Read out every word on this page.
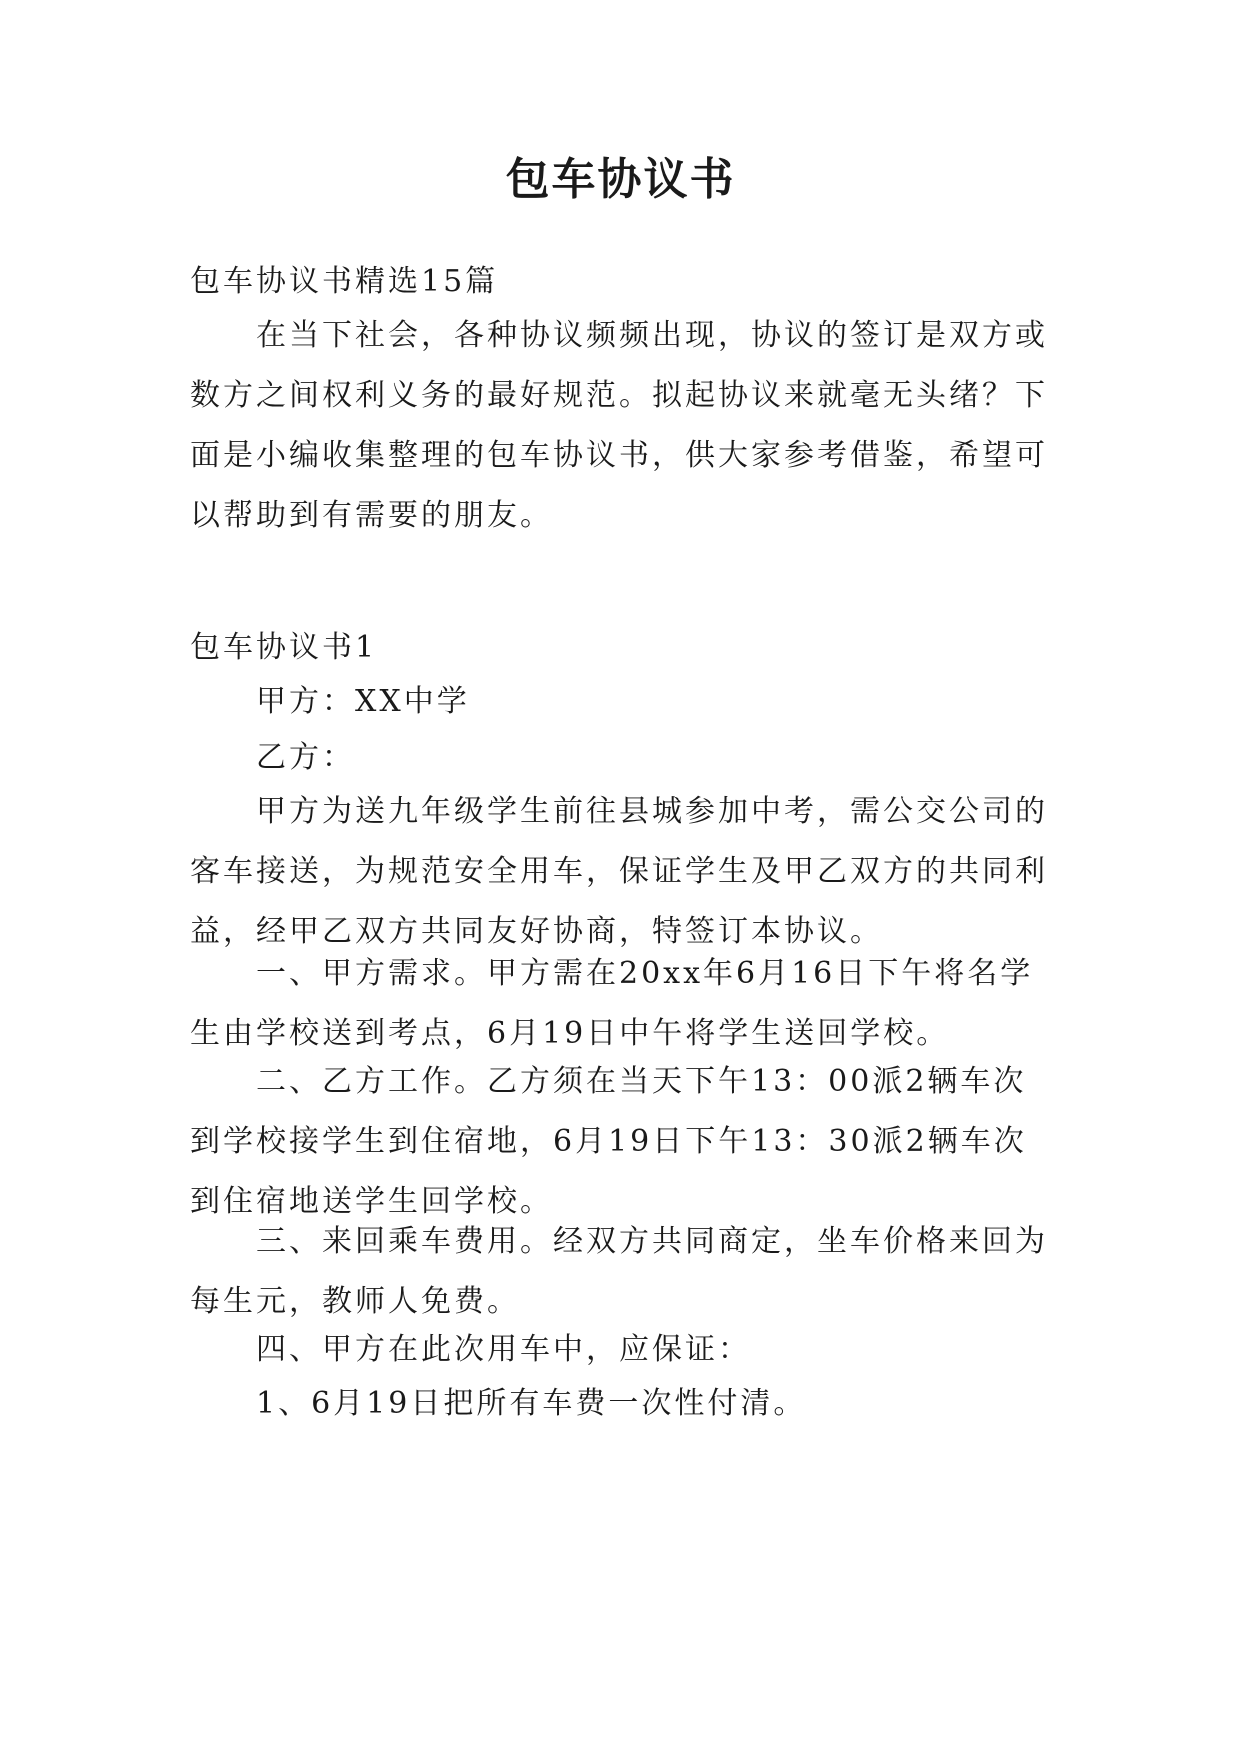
包车协议书

包车协议书精选15篇

在当下社会，各种协议频频出现，协议的签订是双方或
数方之间权利义务的最好规范。拟起协议来就毫无头绪？下
面是小编收集整理的包车协议书，供大家参考借鉴，希望可
以帮助到有需要的朋友。

包车协议书1

甲方：XX中学

乙方：

甲方为送九年级学生前往县城参加中考，需公交公司的
客车接送，为规范安全用车，保证学生及甲乙双方的共同利
益，经甲乙双方共同友好协商，特签订本协议。

一、甲方需求。甲方需在20xx年6月16日下午将名学
生由学校送到考点，6月19日中午将学生送回学校。

二、乙方工作。乙方须在当天下午13：00派2辆车次
到学校接学生到住宿地，6月19日下午13：30派2辆车次
到住宿地送学生回学校。

三、来回乘车费用。经双方共同商定，坐车价格来回为
每生元，教师人免费。

四、甲方在此次用车中，应保证：

1、6月19日把所有车费一次性付清。
